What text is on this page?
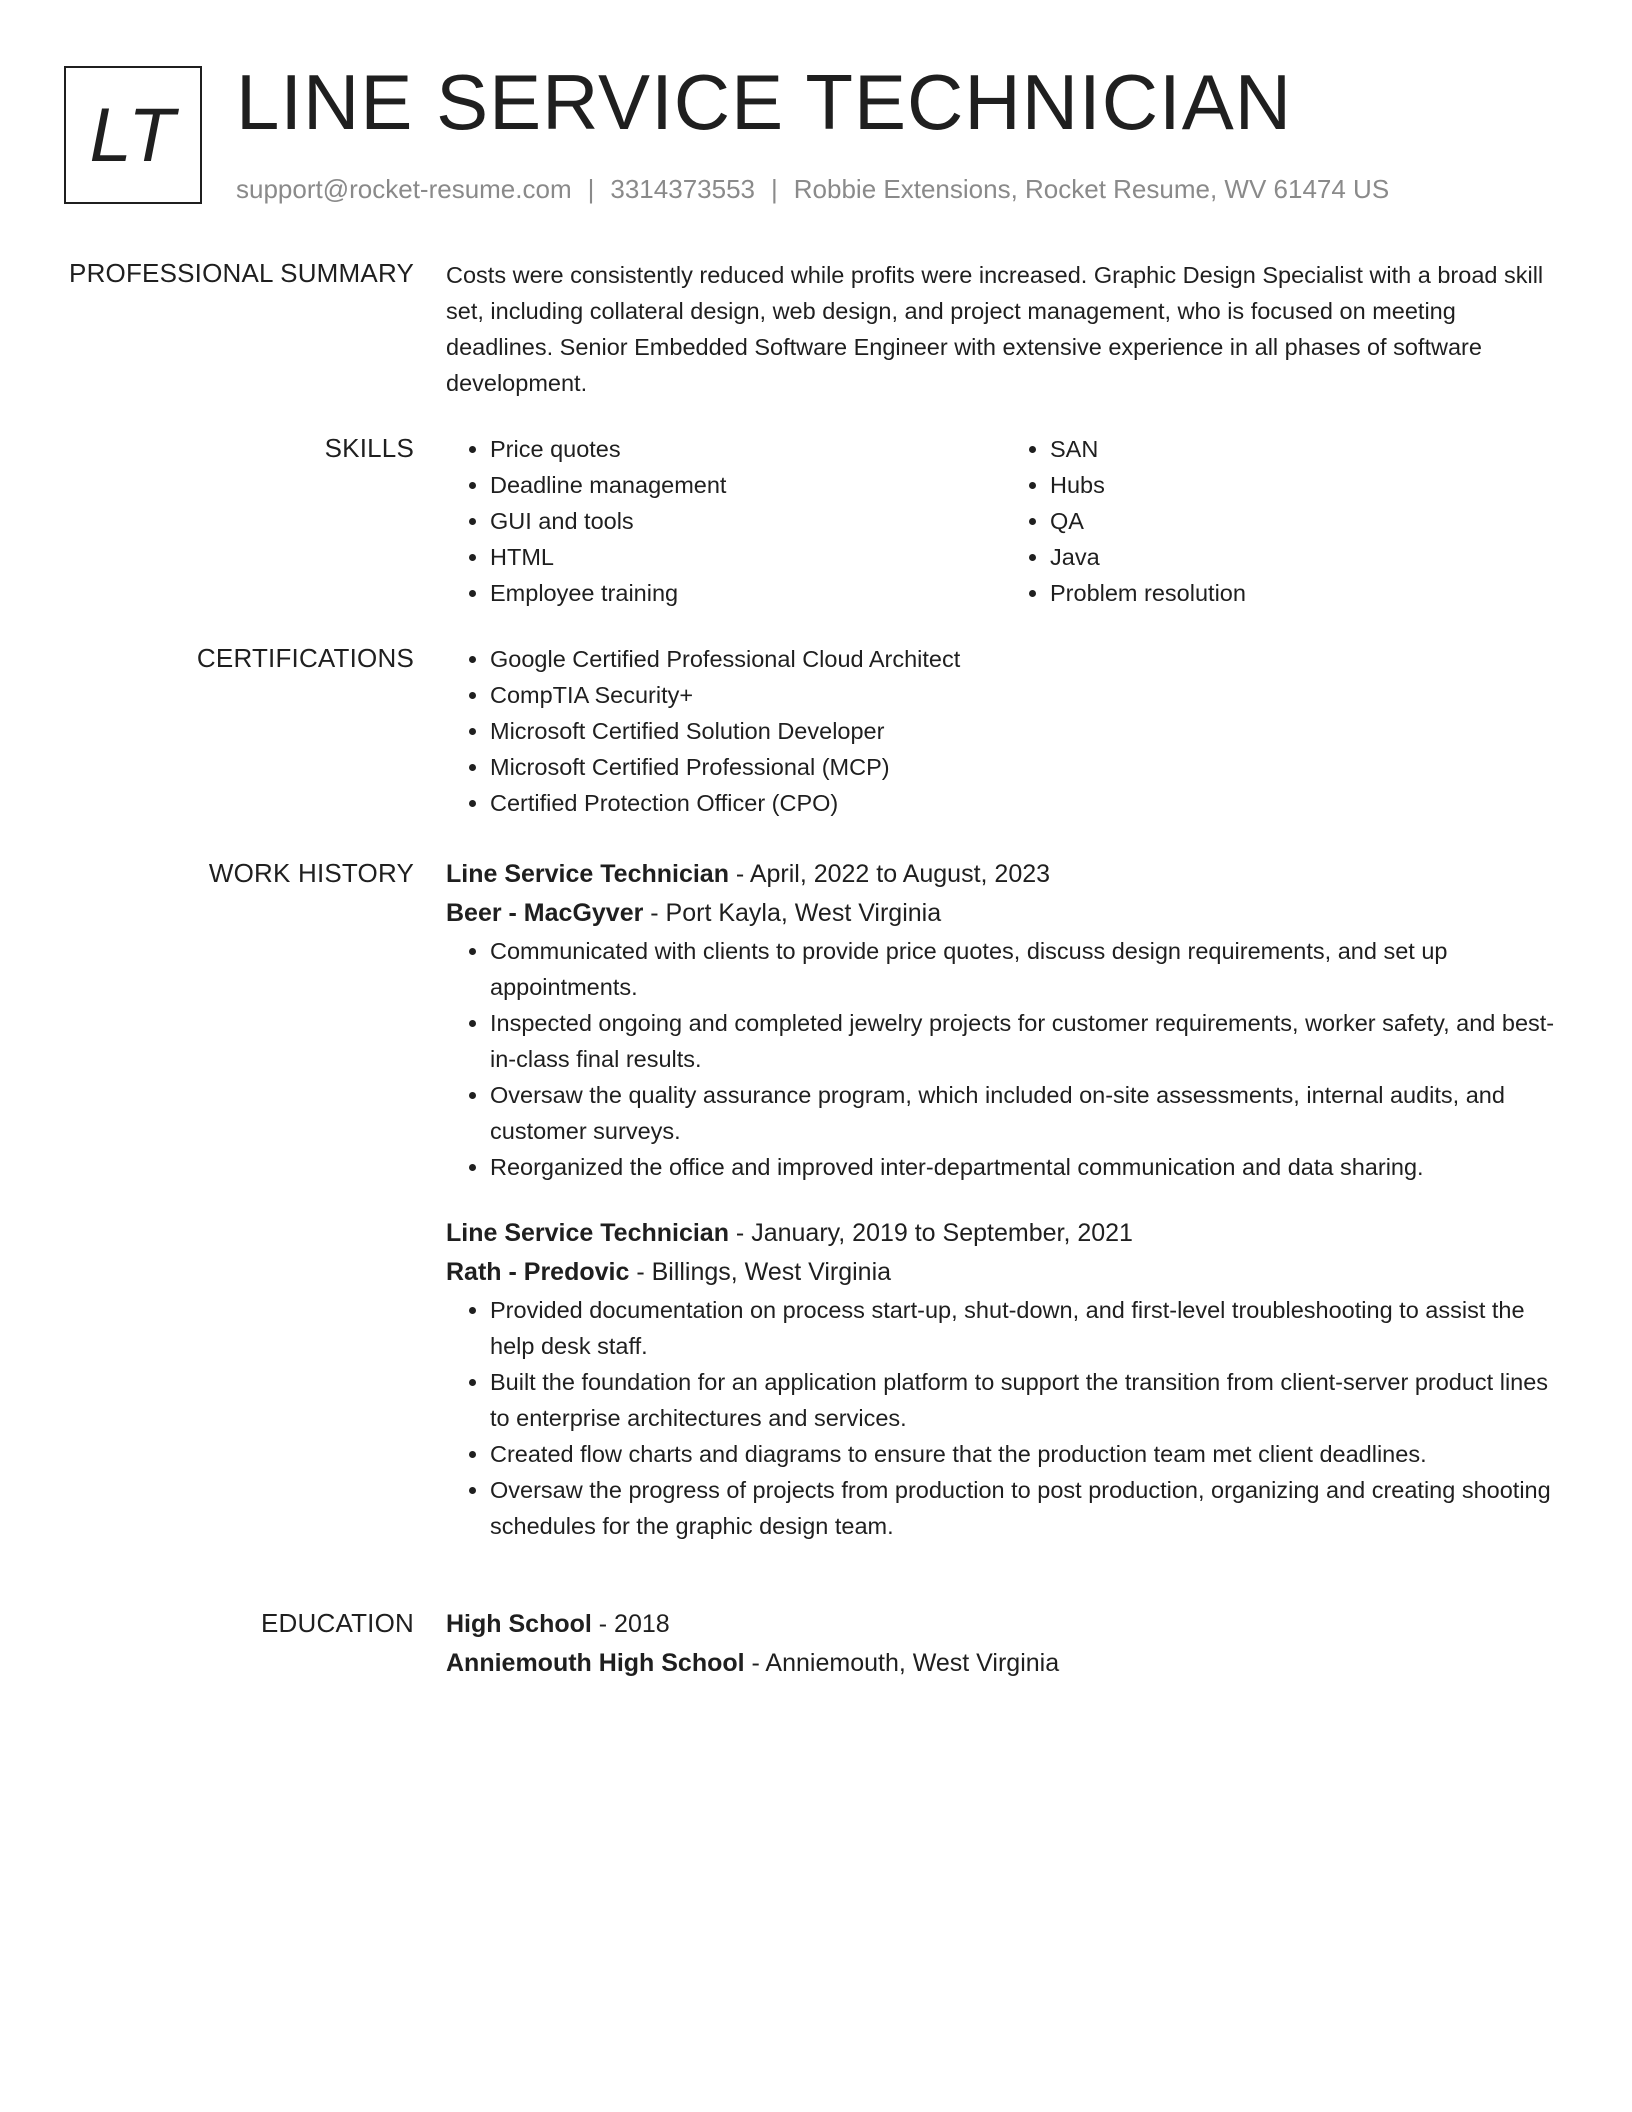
LT LINE SERVICE TECHNICIAN
support@rocket-resume.com | 3314373553 | Robbie Extensions, Rocket Resume, WV 61474 US
PROFESSIONAL SUMMARY Costs were consistently reduced while profits were increased. Graphic Design Specialist with a broad skill set, including collateral design, web design, and project management, who is focused on meeting deadlines. Senior Embedded Software Engineer with extensive experience in all phases of software development.

SKILLS	• Price quotes
• Deadline management
• GUI and tools
• HTML
• Employee training
• SAN
• Hubs
• QA
• Java
• Problem resolution
CERTIFICATIONS	• Google Certified Professional Cloud Architect
• CompTIA Security+
• Microsoft Certified Solution Developer
• Microsoft Certified Professional (MCP)
• Certified Protection Officer (CPO)
WORK HISTORY Line Service Technician - April, 2022 to August, 2023
Beer - MacGyver - Port Kayla, West Virginia
• Communicated with clients to provide price quotes, discuss design requirements, and set up appointments.
• Inspected ongoing and completed jewelry projects for customer requirements, worker safety, and best-in-class final results.
• Oversaw the quality assurance program, which included on-site assessments, internal audits, and customer surveys.
• Reorganized the office and improved inter-departmental communication and data sharing.
Line Service Technician - January, 2019 to September, 2021
Rath - Predovic - Billings, West Virginia
• Provided documentation on process start-up, shut-down, and first-level troubleshooting to assist the help desk staff.
• Built the foundation for an application platform to support the transition from client-server product lines to enterprise architectures and services.
• Created flow charts and diagrams to ensure that the production team met client deadlines.
• Oversaw the progress of projects from production to post production, organizing and creating shooting schedules for the graphic design team.
EDUCATION High School - 2018
Anniemouth High School - Anniemouth, West Virginia
